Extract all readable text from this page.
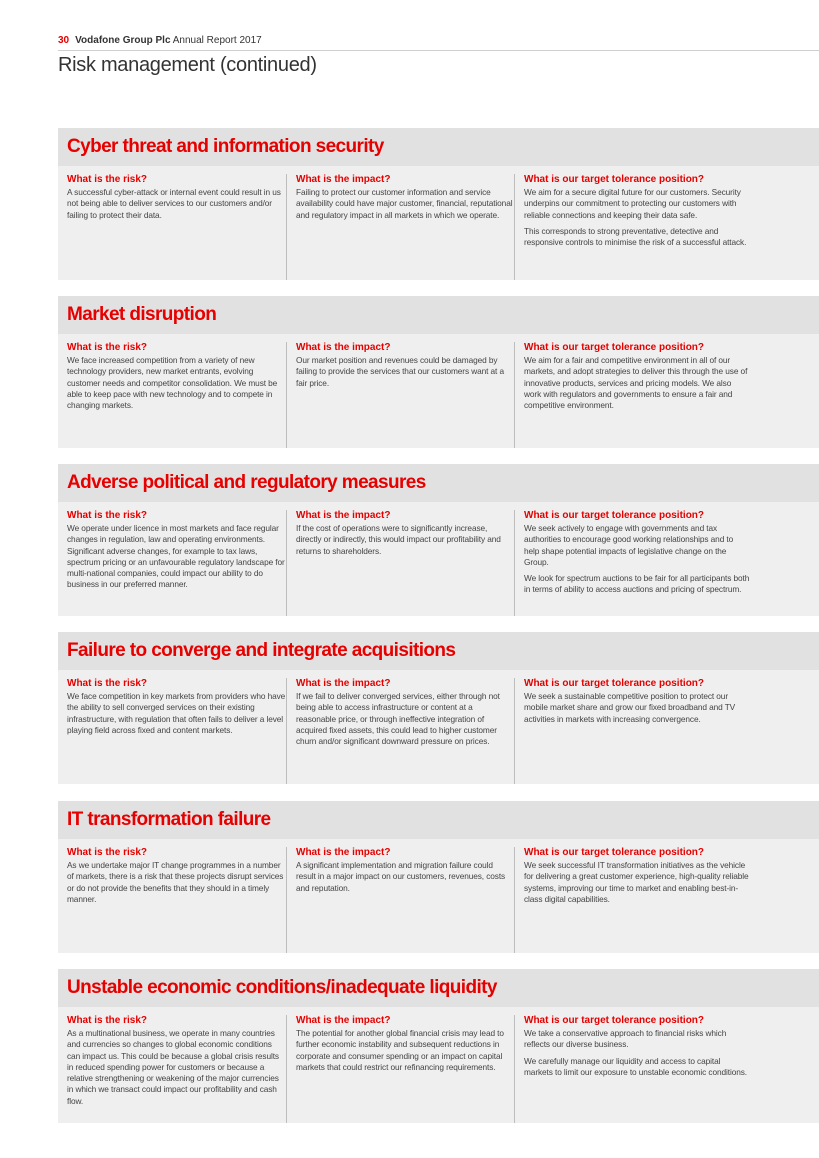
30 Vodafone Group Plc Annual Report 2017
Risk management (continued)
Cyber threat and information security

What is the risk?

A successful cyber-attack or internal event could result in us not being able to deliver services to our customers and/or failing to protect their data.

What is the impact?

Failing to protect our customer information and service availability could have major customer, financial, reputational and regulatory impact in all markets in which we operate.

What is our target tolerance position?

We aim for a secure digital future for our customers. Security underpins our commitment to protecting our customers with reliable connections and keeping their data safe.

This corresponds to strong preventative, detective and responsive controls to minimise the risk of a successful attack.

Market disruption

What is the risk?

We face increased competition from a variety of new technology providers, new market entrants, evolving customer needs and competitor consolidation. We must be able to keep pace with new technology and to compete in changing markets.

What is the impact?

Our market position and revenues could be damaged by failing to provide the services that our customers want at a fair price.

What is our target tolerance position?

We aim for a fair and competitive environment in all of our markets, and adopt strategies to deliver this through the use of innovative products, services and pricing models. We also work with regulators and governments to ensure a fair and competitive environment.

Adverse political and regulatory measures

What is the risk?

We operate under licence in most markets and face regular changes in regulation, law and operating environments. Significant adverse changes, for example to tax laws, spectrum pricing or an unfavourable regulatory landscape for multi-national companies, could impact our ability to do business in our preferred manner.

What is the impact?

If the cost of operations were to significantly increase, directly or indirectly, this would impact our profitability and returns to shareholders.

What is our target tolerance position?

We seek actively to engage with governments and tax authorities to encourage good working relationships and to help shape potential impacts of legislative change on the Group.

We look for spectrum auctions to be fair for all participants both in terms of ability to access auctions and pricing of spectrum.

Failure to converge and integrate acquisitions

What is the risk?

We face competition in key markets from providers who have the ability to sell converged services on their existing infrastructure, with regulation that often fails to deliver a level playing field across fixed and content markets.

What is the impact?

If we fail to deliver converged services, either through not being able to access infrastructure or content at a reasonable price, or through ineffective integration of acquired fixed assets, this could lead to higher customer churn and/or significant downward pressure on prices.

What is our target tolerance position?

We seek a sustainable competitive position to protect our mobile market share and grow our fixed broadband and TV activities in markets with increasing convergence.

IT transformation failure

What is the risk?

As we undertake major IT change programmes in a number of markets, there is a risk that these projects disrupt services or do not provide the benefits that they should in a timely manner.

What is the impact?

A significant implementation and migration failure could result in a major impact on our customers, revenues, costs and reputation.

What is our target tolerance position?

We seek successful IT transformation initiatives as the vehicle for delivering a great customer experience, high-quality reliable systems, improving our time to market and enabling best-in-class digital capabilities.

Unstable economic conditions/inadequate liquidity

What is the risk?

As a multinational business, we operate in many countries and currencies so changes to global economic conditions can impact us. This could be because a global crisis results in reduced spending power for customers or because a relative strengthening or weakening of the major currencies in which we transact could impact our profitability and cash flow.

What is the impact?

The potential for another global financial crisis may lead to further economic instability and subsequent reductions in corporate and consumer spending or an impact on capital markets that could restrict our refinancing requirements.

What is our target tolerance position?

We take a conservative approach to financial risks which reflects our diverse business.

We carefully manage our liquidity and access to capital markets to limit our exposure to unstable economic conditions.
